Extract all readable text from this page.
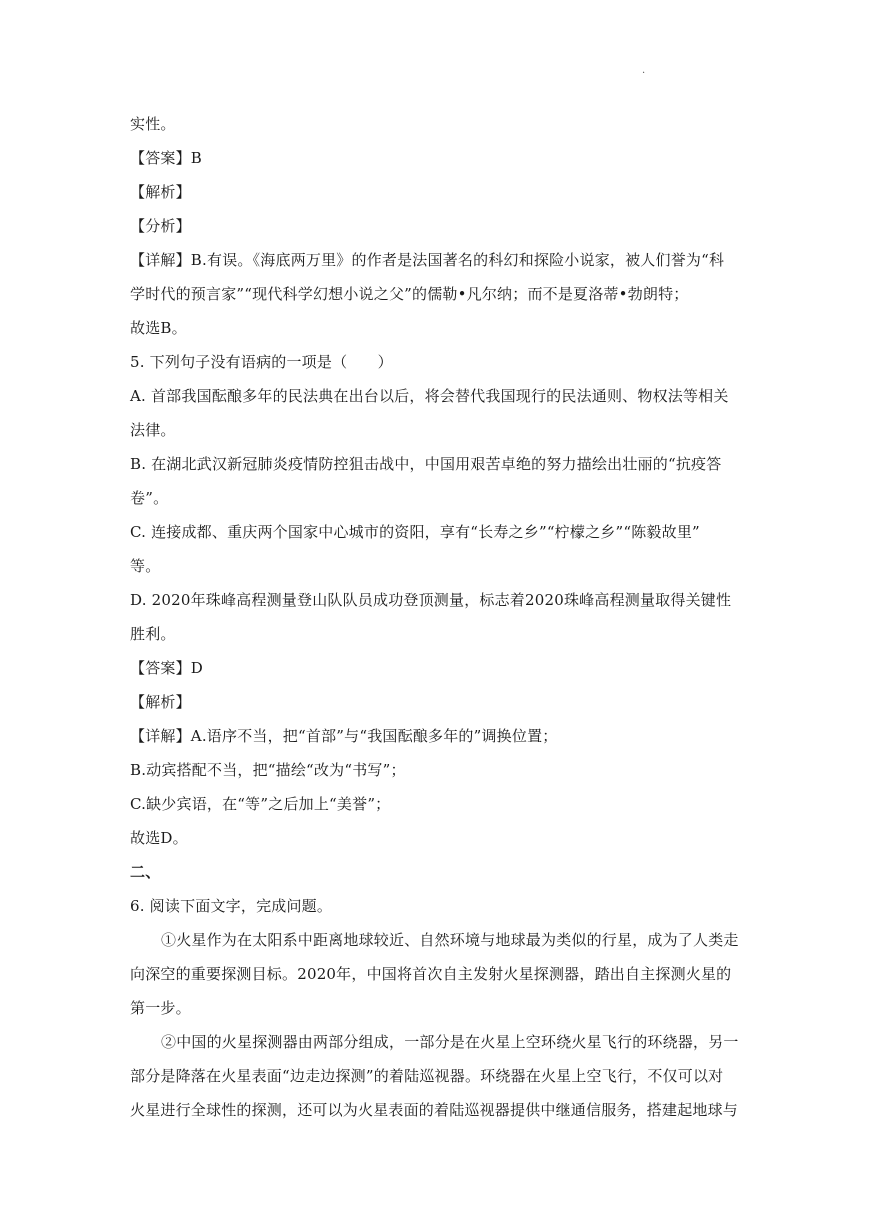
.
实性。
【答案】B
【解析】
【分析】
【详解】B.有误。《海底两万里》的作者是法国著名的科幻和探险小说家，被人们誉为“科
学时代的预言家”“现代科学幻想小说之父”的儒勒•凡尔纳；而不是夏洛蒂•勃朗特；
故选B。
5. 下列句子没有语病的一项是（　　）
A. 首部我国酝酿多年的民法典在出台以后，将会替代我国现行的民法通则、物权法等相关
法律。
B. 在湖北武汉新冠肺炎疫情防控狙击战中，中国用艰苦卓绝的努力描绘出壮丽的“抗疫答
卷”。
C. 连接成都、重庆两个国家中心城市的资阳，享有“长寿之乡”“柠檬之乡”“陈毅故里”
等。
D. 2020年珠峰高程测量登山队队员成功登顶测量，标志着2020珠峰高程测量取得关键性
胜利。
【答案】D
【解析】
【详解】A.语序不当，把“首部”与“我国酝酿多年的”调换位置；
B.动宾搭配不当，把“描绘“改为“书写”；
C.缺少宾语，在“等”之后加上“美誉”；
故选D。
二、
6. 阅读下面文字，完成问题。
①火星作为在太阳系中距离地球较近、自然环境与地球最为类似的行星，成为了人类走
向深空的重要探测目标。2020年，中国将首次自主发射火星探测器，踏出自主探测火星的
第一步。
②中国的火星探测器由两部分组成，一部分是在火星上空环绕火星飞行的环绕器，另一
部分是降落在火星表面“边走边探测”的着陆巡视器。环绕器在火星上空飞行，不仅可以对
火星进行全球性的探测，还可以为火星表面的着陆巡视器提供中继通信服务，搭建起地球与
